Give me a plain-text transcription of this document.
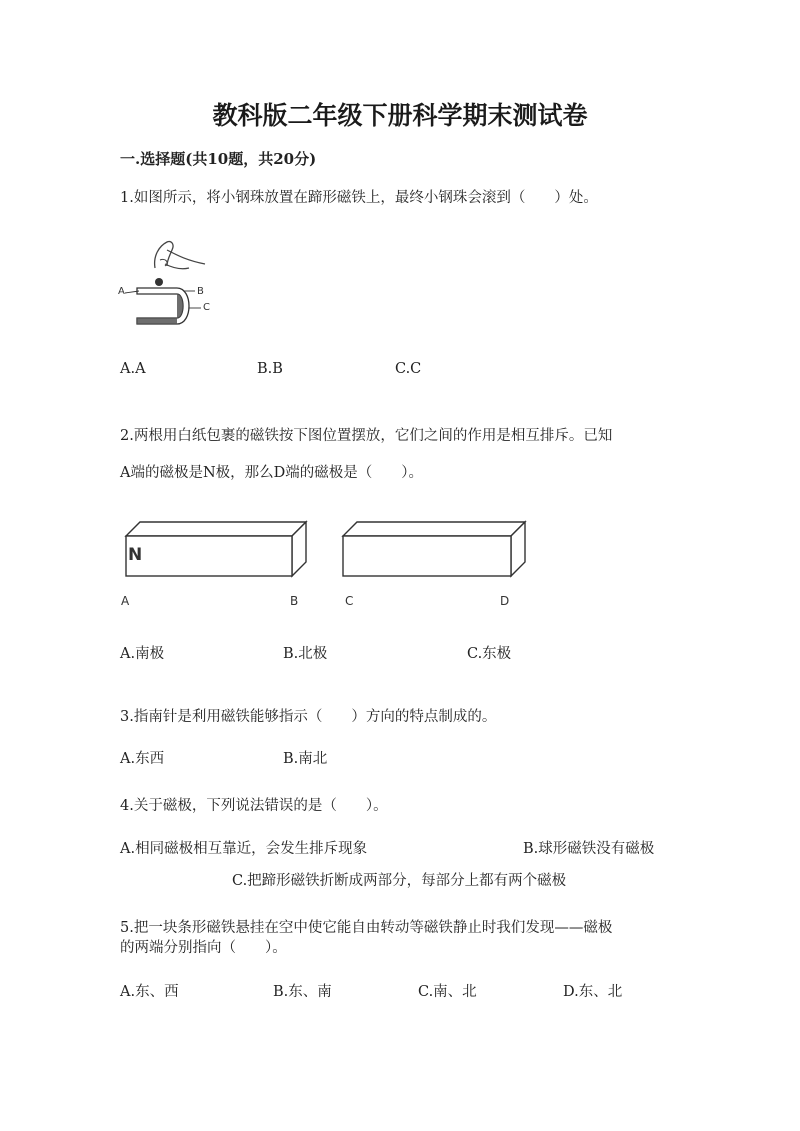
教科版二年级下册科学期末测试卷
一.选择题(共10题，共20分)
1.如图所示，将小钢珠放置在蹄形磁铁上，最终小钢珠会滚到（　　）处。
A	B
C
A.A	B.B	C.C
2.两根用白纸包裹的磁铁按下图位置摆放，它们之间的作用是相互排斥。已知
A端的磁极是N极，那么D端的磁极是（　　）。
N
A	B	C	D
A.南极	B.北极	C.东极
3.指南针是利用磁铁能够指示（　　）方向的特点制成的。
A.东西	B.南北
4.关于磁极，下列说法错误的是（　　）。
A.相同磁极相互靠近，会发生排斥现象	B.球形磁铁没有磁极
C.把蹄形磁铁折断成两部分，每部分上都有两个磁极
5.把一块条形磁铁悬挂在空中使它能自由转动等磁铁静止时我们发现——磁极
的两端分别指向（　　）。
A.东、西	B.东、南	C.南、北	D.东、北
